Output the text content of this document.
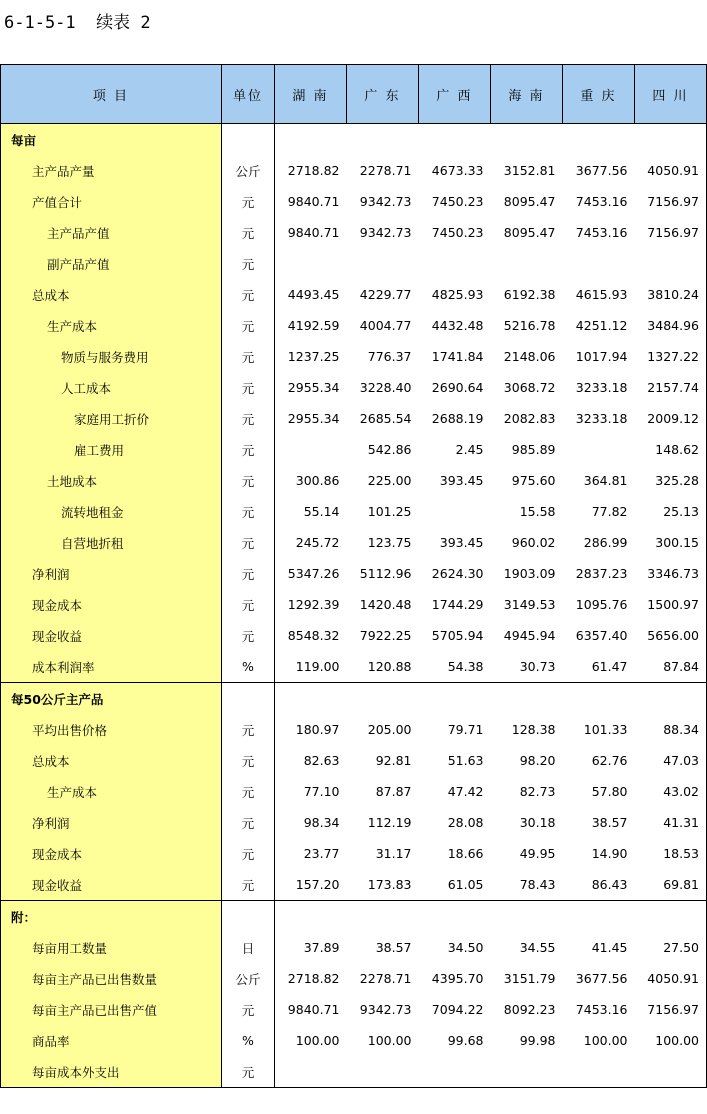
6-1-5-1  续表 2
项 目	单位	湖 南	广 东	广 西	海 南	重 庆	四 川
每亩							
主产品产量	公斤	2718.82	2278.71	4673.33	3152.81	3677.56	4050.91
产值合计	元	9840.71	9342.73	7450.23	8095.47	7453.16	7156.97
主产品产值	元	9840.71	9342.73	7450.23	8095.47	7453.16	7156.97
副产品产值	元						
总成本	元	4493.45	4229.77	4825.93	6192.38	4615.93	3810.24
生产成本	元	4192.59	4004.77	4432.48	5216.78	4251.12	3484.96
物质与服务费用	元	1237.25	776.37	1741.84	2148.06	1017.94	1327.22
人工成本	元	2955.34	3228.40	2690.64	3068.72	3233.18	2157.74
家庭用工折价	元	2955.34	2685.54	2688.19	2082.83	3233.18	2009.12
雇工费用	元		542.86	2.45	985.89		148.62
土地成本	元	300.86	225.00	393.45	975.60	364.81	325.28
流转地租金	元	55.14	101.25		15.58	77.82	25.13
自营地折租	元	245.72	123.75	393.45	960.02	286.99	300.15
净利润	元	5347.26	5112.96	2624.30	1903.09	2837.23	3346.73
现金成本	元	1292.39	1420.48	1744.29	3149.53	1095.76	1500.97
现金收益	元	8548.32	7922.25	5705.94	4945.94	6357.40	5656.00
成本利润率	%	119.00	120.88	54.38	30.73	61.47	87.84
每50公斤主产品							
平均出售价格	元	180.97	205.00	79.71	128.38	101.33	88.34
总成本	元	82.63	92.81	51.63	98.20	62.76	47.03
生产成本	元	77.10	87.87	47.42	82.73	57.80	43.02
净利润	元	98.34	112.19	28.08	30.18	38.57	41.31
现金成本	元	23.77	31.17	18.66	49.95	14.90	18.53
现金收益	元	157.20	173.83	61.05	78.43	86.43	69.81
附：							
每亩用工数量	日	37.89	38.57	34.50	34.55	41.45	27.50
每亩主产品已出售数量	公斤	2718.82	2278.71	4395.70	3151.79	3677.56	4050.91
每亩主产品已出售产值	元	9840.71	9342.73	7094.22	8092.23	7453.16	7156.97
商品率	%	100.00	100.00	99.68	99.98	100.00	100.00
每亩成本外支出	元						
